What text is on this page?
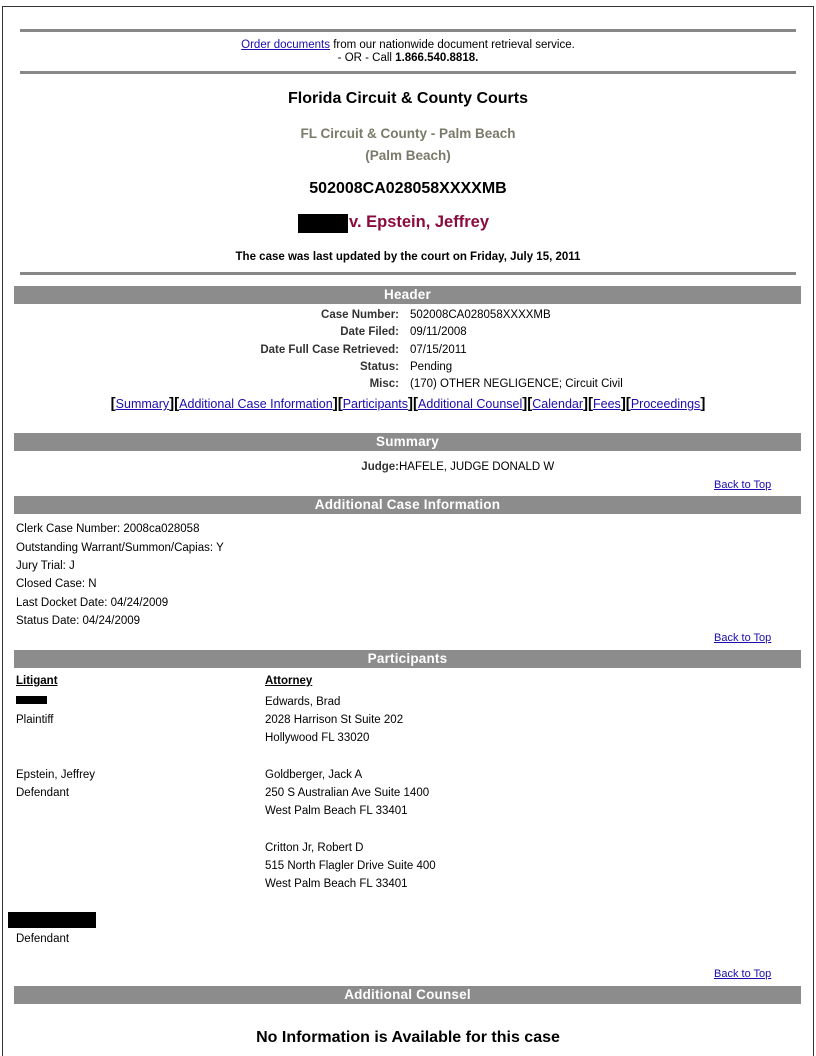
Order documents from our nationwide document retrieval service.
- OR - Call 1.866.540.8818.
Florida Circuit & County Courts
FL Circuit & County - Palm Beach
(Palm Beach)
502008CA028058XXXXMB
v. Epstein, Jeffrey
The case was last updated by the court on Friday, July 15, 2011
Header
Case Number: 502008CA028058XXXXMB
Date Filed: 09/11/2008
Date Full Case Retrieved: 07/15/2011
Status: Pending
Misc: (170) OTHER NEGLIGENCE; Circuit Civil
[Summary][Additional Case Information][Participants][Additional Counsel][Calendar][Fees][Proceedings]
Summary
Judge: HAFELE, JUDGE DONALD W
Back to Top
Additional Case Information
Clerk Case Number: 2008ca028058
Outstanding Warrant/Summon/Capias: Y
Jury Trial: J
Closed Case: N
Last Docket Date: 04/24/2009
Status Date: 04/24/2009
Back to Top
Participants
Litigant	Attorney
Plaintiff
Edwards, Brad
2028 Harrison St Suite 202
Hollywood FL 33020
Epstein, Jeffrey
Defendant
Goldberger, Jack A
250 S Australian Ave Suite 1400
West Palm Beach FL 33401
Critton Jr, Robert D
515 North Flagler Drive Suite 400
West Palm Beach FL 33401
Defendant
Back to Top
Additional Counsel
No Information is Available for this case
